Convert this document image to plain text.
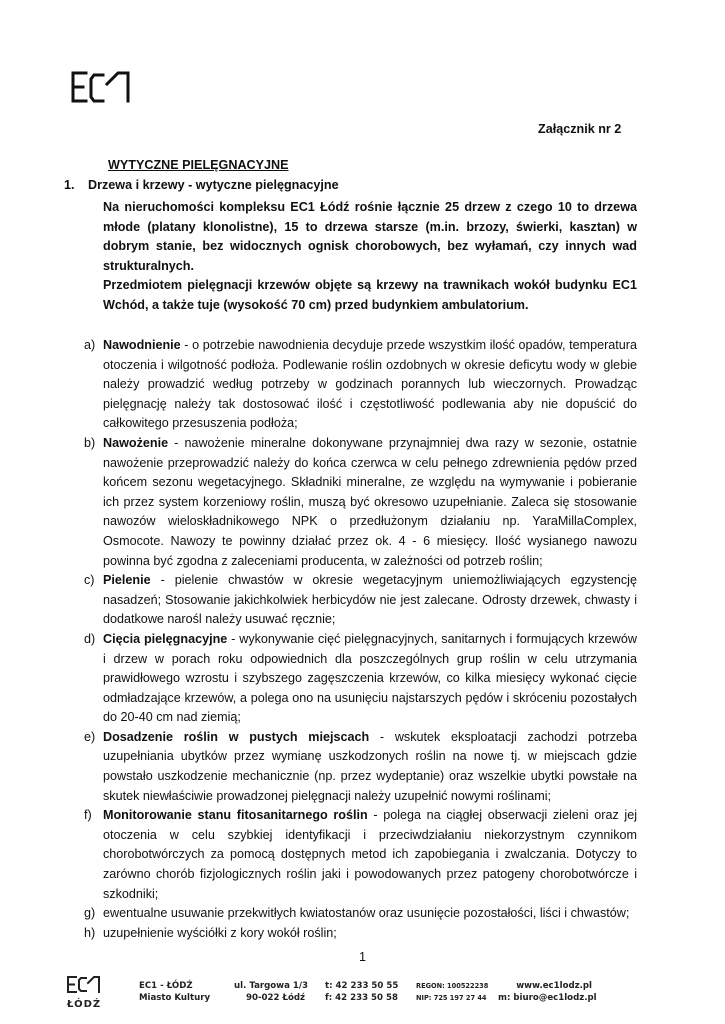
Załącznik nr 2
WYTYCZNE PIELĘGNACYJNE
1. Drzewa i krzewy - wytyczne pielęgnacyjne

Na nieruchomości kompleksu EC1 Łódź rośnie łącznie 25 drzew z czego 10 to drzewa młode (platany klonolistne), 15 to drzewa starsze (m.in. brzozy, świerki, kasztan) w dobrym stanie, bez widocznych ognisk chorobowych, bez wyłamań, czy innych wad strukturalnych.

Przedmiotem pielęgnacji krzewów objęte są krzewy na trawnikach wokół budynku EC1 Wchód, a także tuje (wysokość 70 cm) przed budynkiem ambulatorium.

a) Nawodnienie - o potrzebie nawodnienia decyduje przede wszystkim ilość opadów, temperatura otoczenia i wilgotność podłoża. Podlewanie roślin ozdobnych w okresie deficytu wody w glebie należy prowadzić według potrzeby w godzinach porannych lub wieczornych. Prowadząc pielęgnację należy tak dostosować ilość i częstotliwość podlewania aby nie dopuścić do całkowitego przesuszenia podłoża;
b) Nawożenie - nawożenie mineralne dokonywane przynajmniej dwa razy w sezonie, ostatnie nawożenie przeprowadzić należy do końca czerwca w celu pełnego zdrewnienia pędów przed końcem sezonu wegetacyjnego. Składniki mineralne, ze względu na wymywanie i pobieranie ich przez system korzeniowy roślin, muszą być okresowo uzupełnianie. Zaleca się stosowanie nawozów wieloskładnikowego NPK o przedłużonym działaniu np. YaraMillaComplex, Osmocote. Nawozy te powinny działać przez ok. 4 - 6 miesięcy. Ilość wysianego nawozu powinna być zgodna z zaleceniami producenta, w zależności od potrzeb roślin;
c) Pielenie - pielenie chwastów w okresie wegetacyjnym uniemożliwiających egzystencję nasadzeń; Stosowanie jakichkolwiek herbicydów nie jest zalecane. Odrosty drzewek, chwasty i dodatkowe narośl należy usuwać ręcznie;
d) Cięcia pielęgnacyjne - wykonywanie cięć pielęgnacyjnych, sanitarnych i formujących krzewów i drzew w porach roku odpowiednich dla poszczególnych grup roślin w celu utrzymania prawidłowego wzrostu i szybszego zagęszczenia krzewów, co kilka miesięcy wykonać cięcie odmładzające krzewów, a polega ono na usunięciu najstarszych pędów i skróceniu pozostałych do 20-40 cm nad ziemią;
e) Dosadzenie roślin w pustych miejscach - wskutek eksploatacji zachodzi potrzeba uzupełniania ubytków przez wymianę uszkodzonych roślin na nowe tj. w miejscach gdzie powstało uszkodzenie mechanicznie (np. przez wydeptanie) oraz wszelkie ubytki powstałe na skutek niewłaściwie prowadzonej pielęgnacji należy uzupełnić nowymi roślinami;
f) Monitorowanie stanu fitosanitarnego roślin - polega na ciągłej obserwacji zieleni oraz jej otoczenia w celu szybkiej identyfikacji i przeciwdziałaniu niekorzystnym czynnikom chorobotwórczych za pomocą dostępnych metod ich zapobiegania i zwalczania. Dotyczy to zarówno chorób fizjologicznych roślin jaki i powodowanych przez patogeny chorobotwórcze i szkodniki;
g) ewentualne usuwanie przekwitłych kwiatostanów oraz usunięcie pozostałości, liści i chwastów;
h) uzupełnienie wyściółki z kory wokół roślin;
1
ŁÓDŹ
EC1 - ŁÓDŹ
Miasto Kultury
ul. Targowa 1/3
90-022 Łódź
t: 42 233 50 55
f: 42 233 50 58
REGON: 100522238
NIP: 725 197 27 44
www.ec1lodz.pl
m: biuro@ec1lodz.pl
